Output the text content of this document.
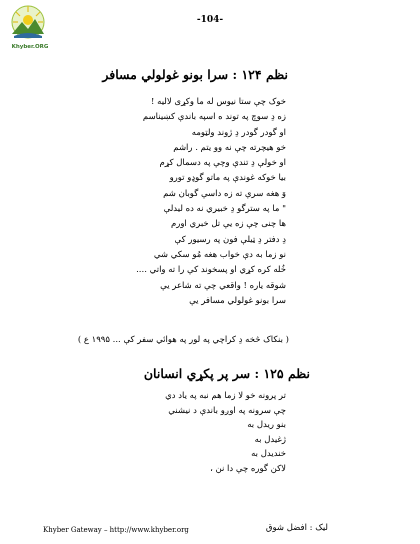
Khyber.ORG
-104-
نظم ۱۲۴ : سرا بونو غولولي مسافر
خوک چې ستا نیوس له ما وکړی لالیه !
زه دِ سوچ په توند ه اسپه باندې کښیناسم
او گودر گودر دِ ژوند ولټومه
خو هیچرته چې نه وو یتم . راشم
او خولې دِ تندې وچې په دسمال کړم
بیا خوکه غوندې په ماتو گوډو تورو
وَ هغه سرې ته زه داسې گوبان شم
" ما په سترگو دِ خبیري نه ده لیدلې
ها چنی چې زه یې تل خبري اورم
دِ دفتر دِ ټیلې فون په رسیور کې
نو زما به دې خواب هغه مُو سکي شي
خُله کره کړي او پسخوند کې را ته واتي ....
شوقه یاره ! واقعي چې ته شاعر یې
سرا بونو غولولي مسافر یې
( بنکاک څخه دِ کراچي په لور په هوائي سفر کې ... ۱۹۹۵ ع )
نظم ۱۲۵ : سر پر پکړي انسانان
تر پرونه خو لا زما هم نبه په یاد دي
چې سرونه په اوږو باندې د نیشني
بنو ریدل به
ژغیدل به
خندیدل به
لاکن گوره چې دا نن ،
Khyber Gateway – http://www.khyber.org	لیک : افضل شوق
